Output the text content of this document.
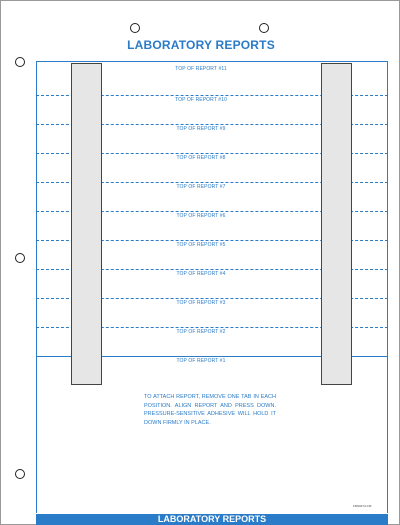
LABORATORY REPORTS
TOP OF REPORT #11
TOP OF REPORT #10
TOP OF REPORT #9
TOP OF REPORT #8
TOP OF REPORT #7
TOP OF REPORT #6
TOP OF REPORT #5
TOP OF REPORT #4
TOP OF REPORT #3
TOP OF REPORT #2
TOP OF REPORT #1
TO ATTACH REPORT, REMOVE ONE TAB IN EACH POSITION. ALIGN REPORT AND PRESS DOWN. PRESSURE-SENSITIVE ADHESIVE WILL HOLD IT DOWN FIRMLY IN PLACE.
FRS0274-CM
LABORATORY REPORTS
